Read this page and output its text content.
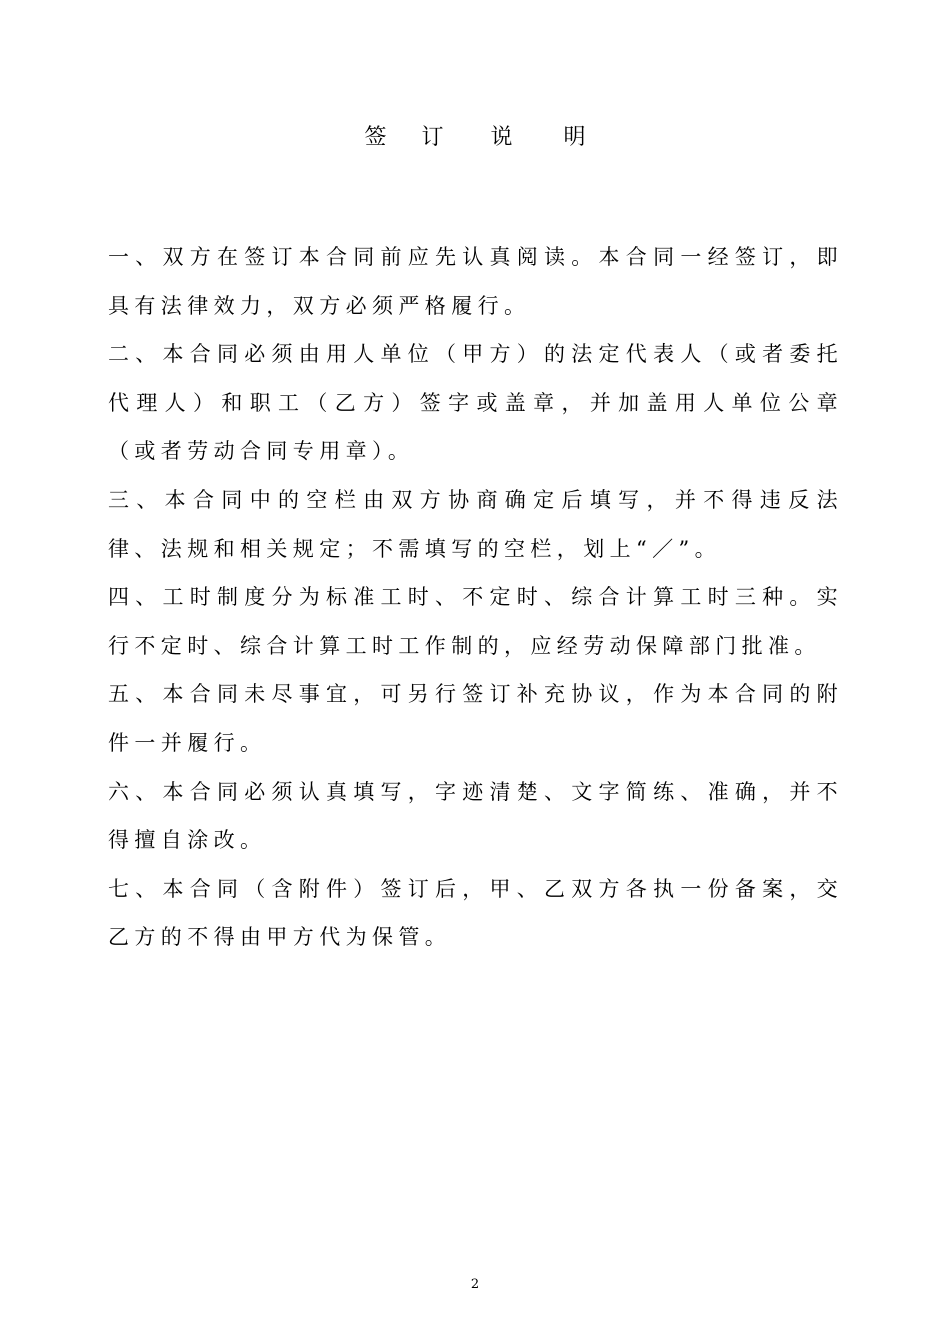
签 订 说 明

一、双方在签订本合同前应先认真阅读。本合同一经签订，即具有法律效力，双方必须严格履行。

二、本合同必须由用人单位（甲方）的法定代表人（或者委托代理人）和职工（乙方）签字或盖章，并加盖用人单位公章（或者劳动合同专用章）。

三、本合同中的空栏由双方协商确定后填写，并不得违反法律、法规和相关规定；不需填写的空栏，划上“／”。

四、工时制度分为标准工时、不定时、综合计算工时三种。实行不定时、综合计算工时工作制的，应经劳动保障部门批准。

五、本合同未尽事宜，可另行签订补充协议，作为本合同的附件一并履行。

六、本合同必须认真填写，字迹清楚、文字简练、准确，并不得擅自涂改。

七、本合同（含附件）签订后，甲、乙双方各执一份备案，交乙方的不得由甲方代为保管。

2
